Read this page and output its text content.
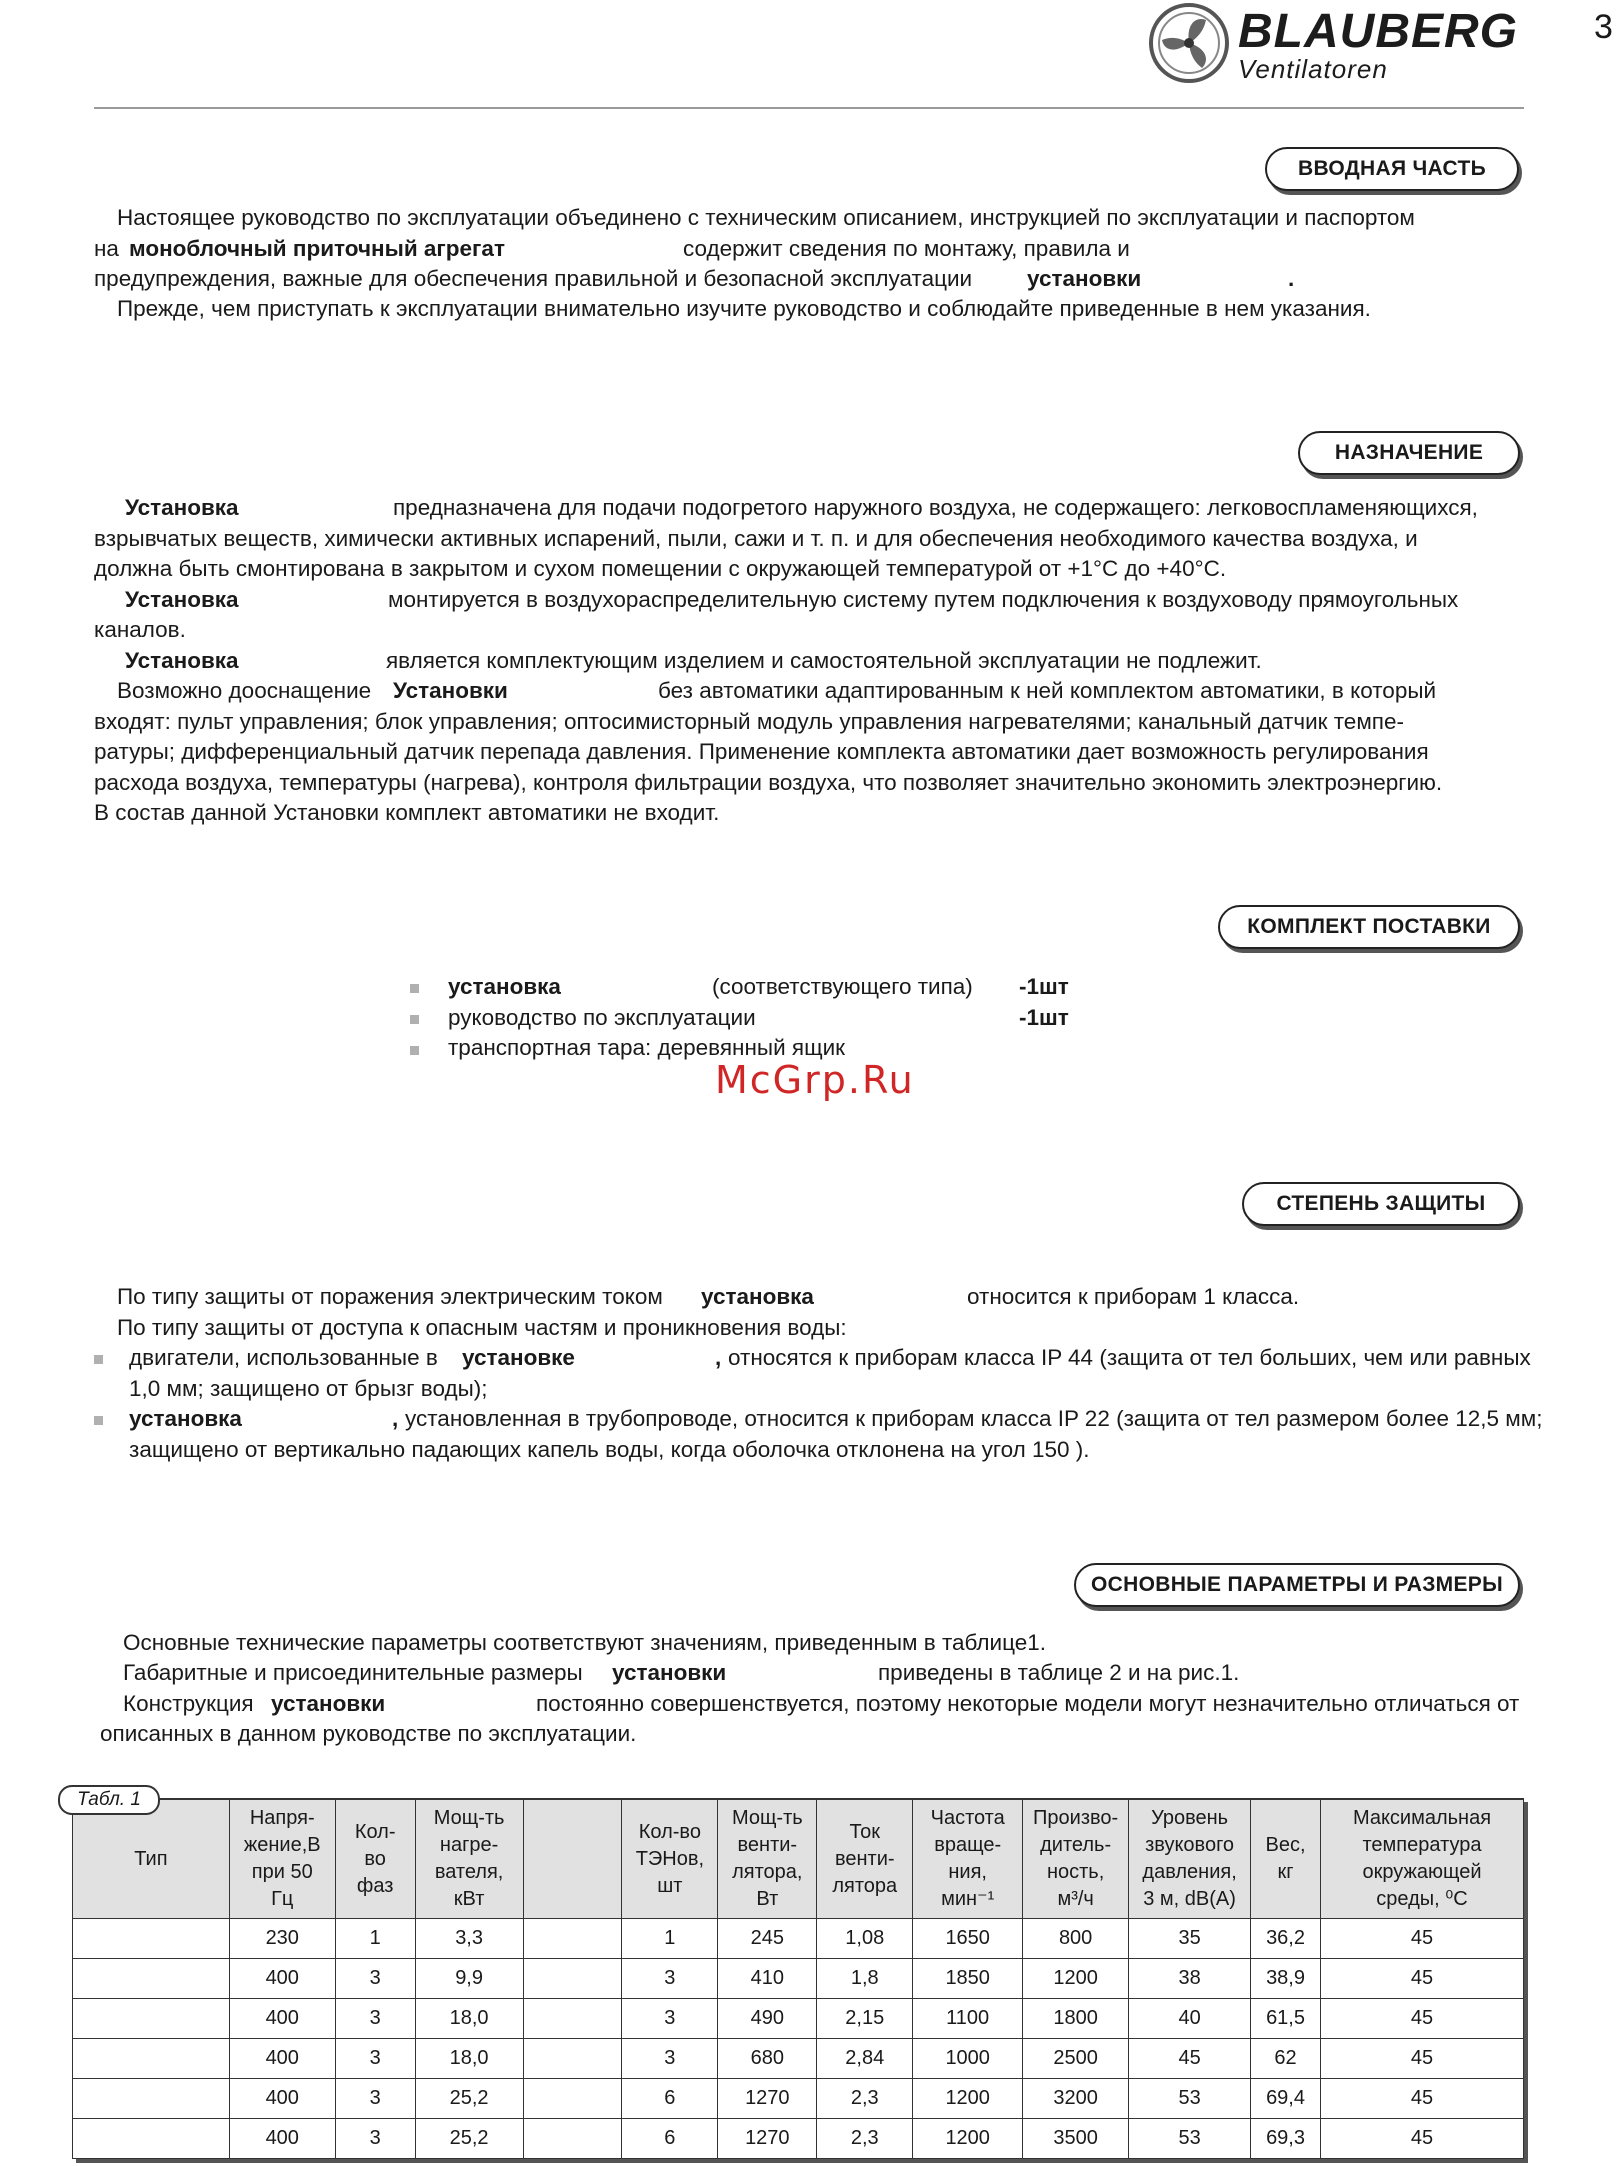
3
BLAUBERG
Ventilatoren
ВВОДНАЯ ЧАСТЬ
Настоящее руководство по эксплуатации объединено с техническим описанием, инструкцией по эксплуатации и паспортом
на моноблочный приточный агрегат	содержит сведения по монтажу, правила и
предупреждения, важные для обеспечения правильной и безопасной эксплуатации установки	.
Прежде, чем приступать к эксплуатации внимательно изучите руководство и соблюдайте приведенные в нем указания.
НАЗНАЧЕНИЕ
Установка	предназначена для подачи подогретого наружного воздуха, не содержащего: легковоспламеняющихся,
взрывчатых веществ, химически активных испарений, пыли, сажи и т. п. и для обеспечения необходимого качества воздуха, и
должна быть смонтирована в закрытом и сухом помещении с окружающей температурой от +1°С до +40°С.
Установка	монтируется в воздухораспределительную систему путем подключения к воздуховоду прямоугольных
каналов.
Установка	является комплектующим изделием и самостоятельной эксплуатации не подлежит.
Возможно дооснащение Установки	без автоматики адаптированным к ней комплектом автоматики, в который
входят: пульт управления; блок управления; оптосимисторный модуль управления нагревателями; канальный датчик темпе-
ратуры; дифференциальный датчик перепада давления. Применение комплекта автоматики дает возможность регулирования
расхода воздуха, температуры (нагрева), контроля фильтрации воздуха, что позволяет значительно экономить электроэнергию.
В состав данной Установки комплект автоматики не входит.
КОМПЛЕКТ ПОСТАВКИ
установка	(соответствующего типа) -1шт
руководство по эксплуатации	-1шт
транспортная тара: деревянный ящик
McGrp.Ru
СТЕПЕНЬ ЗАЩИТЫ
По типу защиты от поражения электрическим током установка	относится к приборам 1 класса.
По типу защиты от доступа к опасным частям и проникновения воды:
двигатели, использованные в установке	, относятся к приборам класса IP 44 (защита от тел больших, чем или равных
1,0 мм; защищено от брызг воды);
установка	, установленная в трубопроводе, относится к приборам класса IP 22 (защита от тел размером более 12,5 мм;
защищено от вертикально падающих капель воды, когда оболочка отклонена на угол 150 ).
ОСНОВНЫЕ ПАРАМЕТРЫ И РАЗМЕРЫ
Основные технические параметры соответствуют значениям, приведенным в таблице1.
Габаритные и присоединительные размеры установки	приведены в таблице 2 и на рис.1.
Конструкция установки	постоянно совершенствуется, поэтому некоторые модели могут незначительно отличаться от
описанных в данном руководстве по эксплуатации.
Табл. 1
Тип	Напря-
жение,В
при 50
Гц	Кол-
во
фаз	Мощ-ть
нагре-
вателя,
кВт		Кол-во
ТЭНов,
шт	Мощ-ть
венти-
лятора,
Вт	Ток
венти-
лятора	Частота
враще-
ния,
мин⁻¹	Произво-
дитель-
ность,
м³/ч	Уровень
звукового
давления,
3 м, dB(A)	Вес,
кг	Максимальная
температура
окружающей
среды, ⁰С
	230	1	3,3		1	245	1,08	1650	800	35	36,2	45
	400	3	9,9		3	410	1,8	1850	1200	38	38,9	45
	400	3	18,0		3	490	2,15	1100	1800	40	61,5	45
	400	3	18,0		3	680	2,84	1000	2500	45	62	45
	400	3	25,2		6	1270	2,3	1200	3200	53	69,4	45
	400	3	25,2		6	1270	2,3	1200	3500	53	69,3	45
